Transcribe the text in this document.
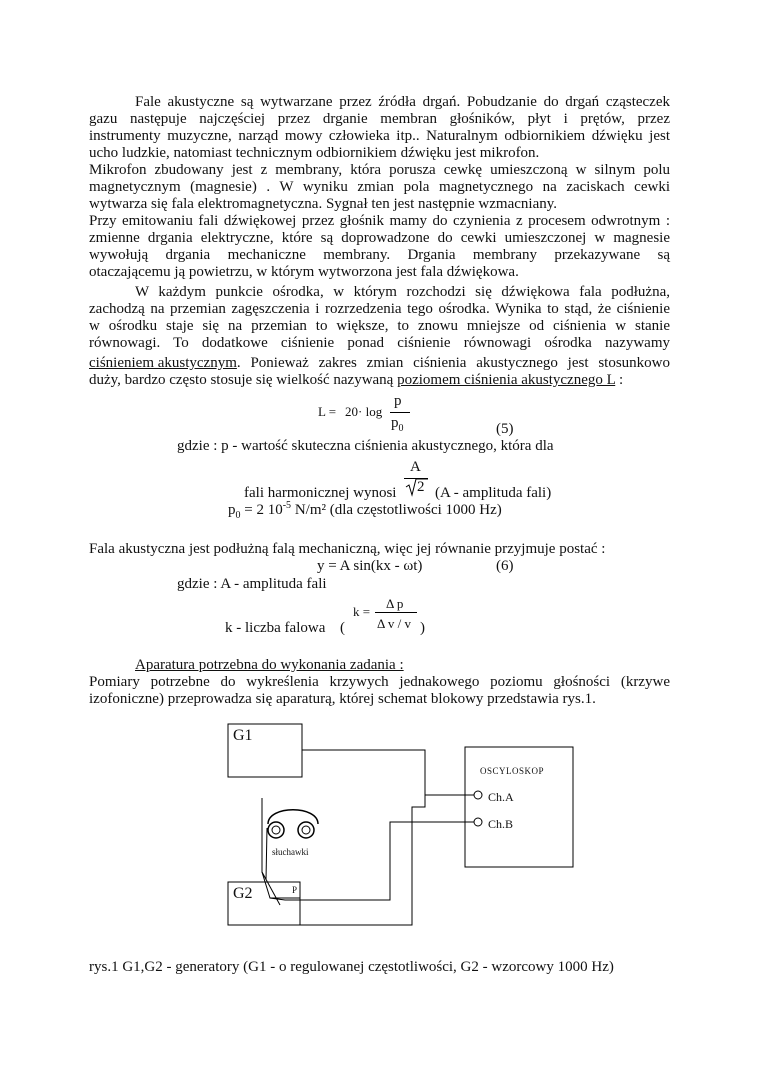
Fale akustyczne są wytwarzane przez źródła drgań. Pobudzanie do drgań cząsteczek
gazu następuje najczęściej przez drganie membran głośników, płyt i prętów, przez
instrumenty muzyczne, narząd mowy człowieka itp.. Naturalnym odbiornikiem dźwięku jest
ucho ludzkie, natomiast technicznym odbiornikiem dźwięku jest mikrofon.
Mikrofon zbudowany jest z membrany, która porusza cewkę umieszczoną w silnym polu
magnetycznym (magnesie) . W wyniku zmian pola magnetycznego na zaciskach cewki
wytwarza się fala elektromagnetyczna. Sygnał ten jest następnie wzmacniany.
Przy emitowaniu fali dźwiękowej przez głośnik mamy do czynienia z procesem odwrotnym :
zmienne drgania elektryczne, które są doprowadzone do cewki umieszczonej w magnesie
wywołują drgania mechaniczne membrany. Drgania membrany przekazywane są
otaczającemu ją powietrzu, w którym wytworzona jest fala dźwiękowa.
W każdym punkcie ośrodka, w którym rozchodzi się dźwiękowa fala podłużna,
zachodzą na przemian zagęszczenia i rozrzedzenia tego ośrodka. Wynika to stąd, że ciśnienie
w ośrodku staje się na przemian to większe, to znowu mniejsze od ciśnienia w stanie
równowagi. To dodatkowe ciśnienie ponad ciśnienie równowagi ośrodka nazywamy
ciśnieniem akustycznym . Ponieważ zakres zmian ciśnienia akustycznego jest stosunkowo
duży, bardzo często stosuje się wielkość nazywaną poziomem ciśnienia akustycznego L :
L = 20· log
p
$p_0$	(5)
gdzie : p - wartość skuteczna ciśnienia akustycznego, która dla
A
2
fali harmonicznej wynosi	(A - amplituda fali)
$p_0 = 2$ $10^{-5}$ N/m² (dla częstotliwości 1000 Hz)
Fala akustyczna jest podłużną falą mechaniczną, więc jej równanie przyjmuje postać :
y = A sin(kx - ωt)	(6)
gdzie : A - amplituda fali
k =
Δ p
Δ v / v
k - liczba falowa (	)
Aparatura potrzebna do wykonania zadania :
Pomiary potrzebne do wykreślenia krzywych jednakowego poziomu głośności (krzywe
izofoniczne) przeprowadza się aparaturą, której schemat blokowy przedstawia rys.1.
G1
G2
OSCYLOSKOP
Ch.A
Ch.B
słuchawki
P
rys.1 G1,G2 - generatory (G1 - o regulowanej częstotliwości, G2 - wzorcowy 1000 Hz)
